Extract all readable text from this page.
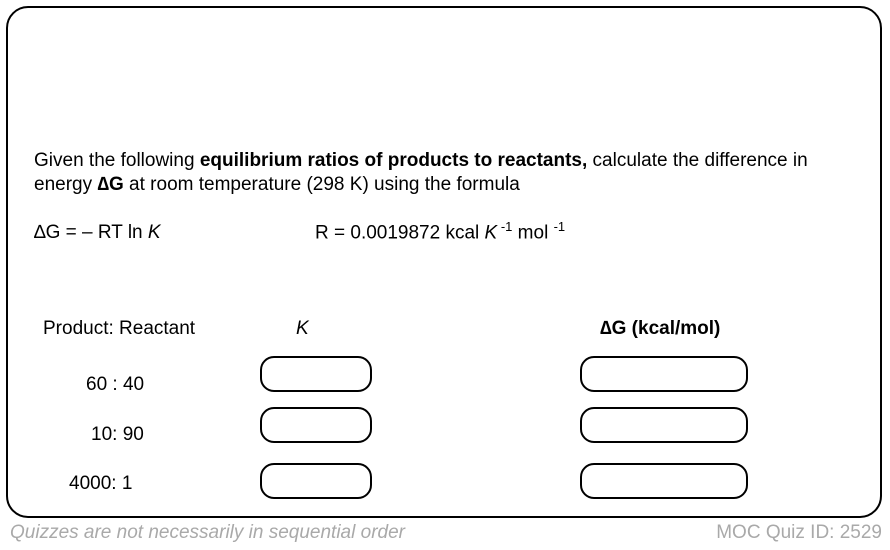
Given the following equilibrium ratios of products to reactants, calculate the difference in energy ∆G at room temperature (298 K) using the formula
∆G = – RT ln K	R = 0.0019872 kcal K $^{-1}$ mol $^{-1}$
Product: Reactant	K	∆G (kcal/mol)
60 : 40
10: 90
4000: 1
Quizzes are not necessarily in sequential order	MOC Quiz ID: 2529
